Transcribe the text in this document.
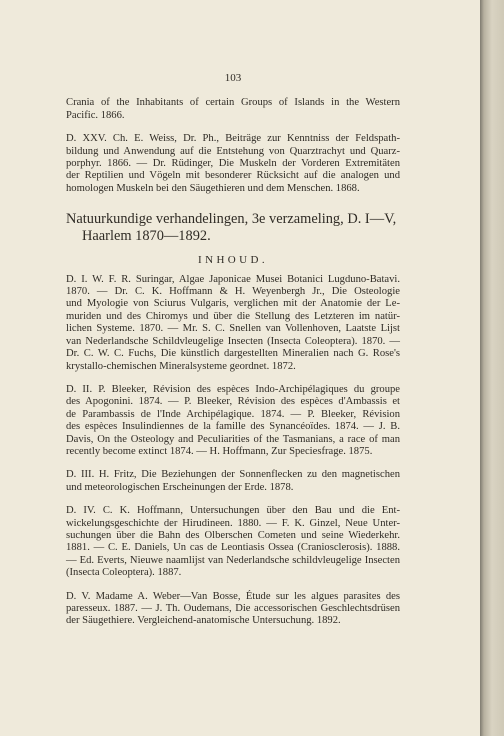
103

Crania of the Inhabitants of certain Groups of Islands in the Western
Pacific. 1866.

D. XXV. Ch. E. Weiss, Dr. Ph., Beiträge zur Kenntniss der Feldspath-
bildung und Anwendung auf die Entstehung von Quarztrachyt und Quarz-
porphyr. 1866. — Dr. Rüdinger, Die Muskeln der Vorderen Extremitäten
der Reptilien und Vögeln mit besonderer Rücksicht auf die analogen und
homologen Muskeln bei den Säugethieren und dem Menschen. 1868.

Natuurkundige verhandelingen, 3e verzameling, D. I—V,
Haarlem 1870—1892.
INHOUD.

D. I. W. F. R. Suringar, Algae Japonicae Musei Botanici Lugduno-Batavi.
1870. — Dr. C. K. Hoffmann & H. Weyenbergh Jr., Die Osteologie
und Myologie von Sciurus Vulgaris, verglichen mit der Anatomie der Le-
muriden und des Chiromys und über die Stellung des Letzteren im natür-
lichen Systeme. 1870. — Mr. S. C. Snellen van Vollenhoven, Laatste Lijst
van Nederlandsche Schildvleugelige Insecten (Insecta Coleoptera). 1870. —
Dr. C. W. C. Fuchs, Die künstlich dargestellten Mineralien nach G. Rose's
krystallo-chemischen Mineralsysteme geordnet. 1872.

D. II. P. Bleeker, Révision des espèces Indo-Archipélagiques du groupe
des Apogonini. 1874. — P. Bleeker, Révision des espèces d'Ambassis et
de Parambassis de l'Inde Archipélagique. 1874. — P. Bleeker, Révision
des espèces Insulindiennes de la famille des Synancéoïdes. 1874. — J. B.
Davis, On the Osteology and Peculiarities of the Tasmanians, a race of man
recently become extinct 1874. — H. Hoffmann, Zur Speciesfrage. 1875.

D. III. H. Fritz, Die Beziehungen der Sonnenflecken zu den magnetischen
und meteorologischen Erscheinungen der Erde. 1878.

D. IV. C. K. Hoffmann, Untersuchungen über den Bau und die Ent-
wickelungsgeschichte der Hirudineen. 1880. — F. K. Ginzel, Neue Unter-
suchungen über die Bahn des Olberschen Cometen und seine Wiederkehr.
1881. — C. E. Daniels, Un cas de Leontiasis Ossea (Craniosclerosis). 1888.
— Ed. Everts, Nieuwe naamlijst van Nederlandsche schildvleugelige Insecten
(Insecta Coleoptera). 1887.

D. V. Madame A. Weber—Van Bosse, Étude sur les algues parasites des
paresseux. 1887. — J. Th. Oudemans, Die accessorischen Geschlechtsdrüsen
der Säugethiere. Vergleichend-anatomische Untersuchung. 1892.
